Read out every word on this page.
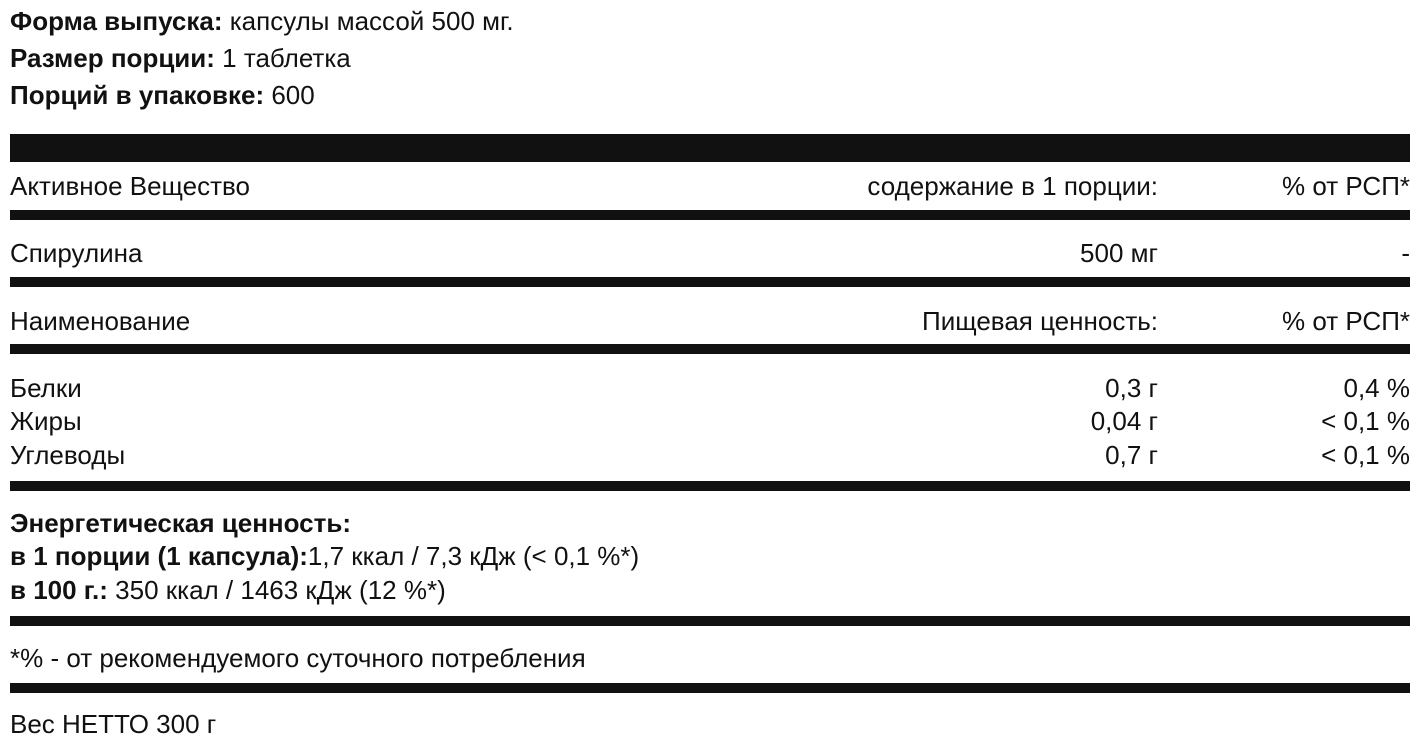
Форма выпуска: капсулы массой 500 мг.
Размер порции: 1 таблетка
Порций в упаковке: 600
Активное Вещество	содержание в 1 порции:	% от РСП*
Спирулина	500 мг	-
Наименование	Пищевая ценность:	% от РСП*
Белки	0,3 г	0,4 %
Жиры	0,04 г	< 0,1 %
Углеводы	0,7 г	< 0,1 %
Энергетическая ценность:
в 1 порции (1 капсула):1,7 ккал / 7,3 кДж (< 0,1 %*)
в 100 г.: 350 ккал / 1463 кДж (12 %*)
*% - от рекомендуемого суточного потребления
Вес НЕТТО 300 г
